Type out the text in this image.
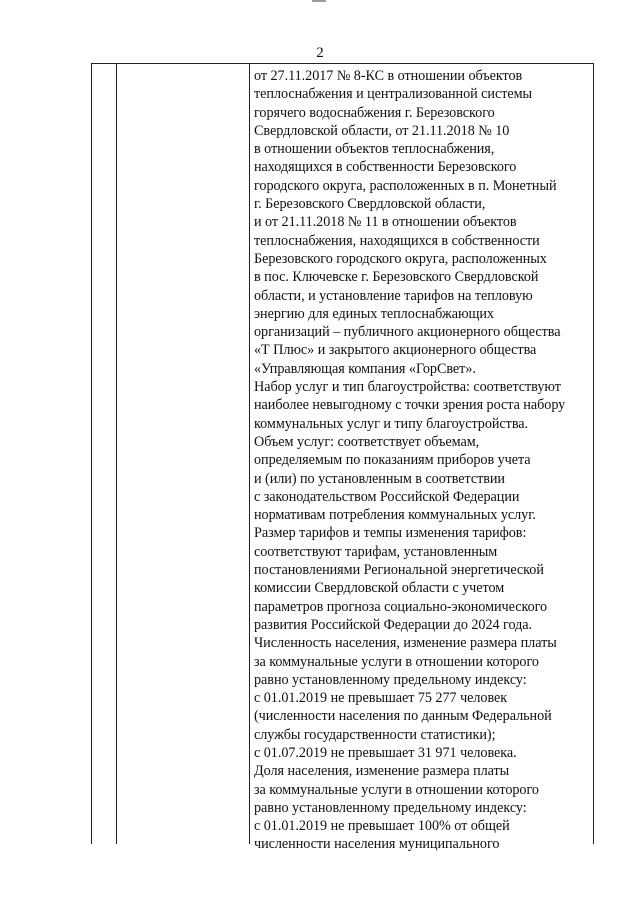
2
от 27.11.2017 № 8-КС в отношении объектов
теплоснабжения и централизованной системы
горячего водоснабжения г. Березовского
Свердловской области, от 21.11.2018 № 10
в отношении объектов теплоснабжения,
находящихся в собственности Березовского
городского округа, расположенных в п. Монетный
г. Березовского Свердловской области,
и от 21.11.2018 № 11 в отношении объектов
теплоснабжения, находящихся в собственности
Березовского городского округа, расположенных
в пос. Ключевске г. Березовского Свердловской
области, и установление тарифов на тепловую
энергию для единых теплоснабжающих
организаций – публичного акционерного общества
«Т Плюс» и закрытого акционерного общества
«Управляющая компания «ГорСвет».
Набор услуг и тип благоустройства: соответствуют
наиболее невыгодному с точки зрения роста набору
коммунальных услуг и типу благоустройства.
Объем услуг: соответствует объемам,
определяемым по показаниям приборов учета
и (или) по установленным в соответствии
с законодательством Российской Федерации
нормативам потребления коммунальных услуг.
Размер тарифов и темпы изменения тарифов:
соответствуют тарифам, установленным
постановлениями Региональной энергетической
комиссии Свердловской области с учетом
параметров прогноза социально-экономического
развития Российской Федерации до 2024 года.
Численность населения, изменение размера платы
за коммунальные услуги в отношении которого
равно установленному предельному индексу:
с 01.01.2019 не превышает 75 277 человек
(численности населения по данным Федеральной
службы государственности статистики);
с 01.07.2019 не превышает 31 971 человека.
Доля населения, изменение размера платы
за коммунальные услуги в отношении которого
равно установленному предельному индексу:
с 01.01.2019 не превышает 100% от общей
численности населения муниципального
